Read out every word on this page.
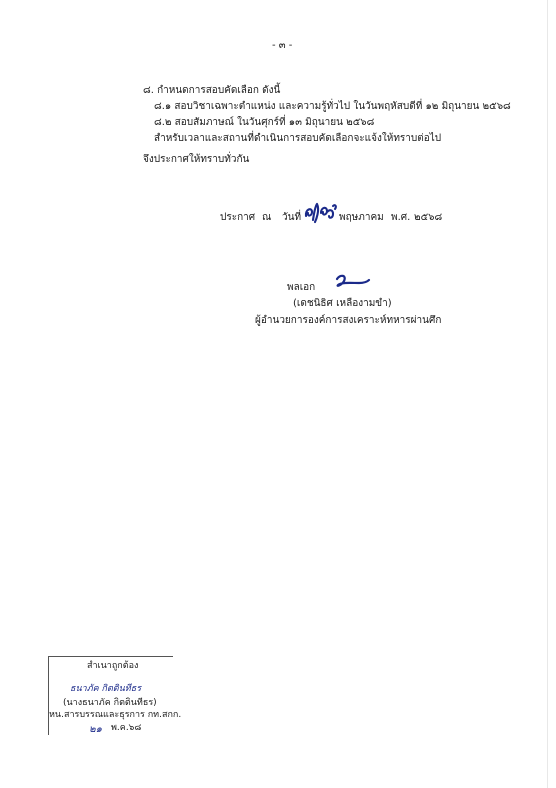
- ๓ -
๘. กำหนดการสอบคัดเลือก ดังนี้
๘.๑ สอบวิชาเฉพาะตำแหน่ง และความรู้ทั่วไป ในวันพฤหัสบดีที่ ๑๒ มิถุนายน ๒๕๖๘
๘.๒ สอบสัมภาษณ์ ในวันศุกร์ที่ ๑๓ มิถุนายน ๒๕๖๘
สำหรับเวลาและสถานที่ดำเนินการสอบคัดเลือกจะแจ้งให้ทราบต่อไป
จึงประกาศให้ทราบทั่วกัน
ประกาศ ณ วันที่	พฤษภาคม พ.ศ. ๒๕๖๘
พลเอก
(เดชนิธิศ เหลืองามขำ)
ผู้อำนวยการองค์การสงเคราะห์ทหารผ่านศึก
สำเนาถูกต้อง
ธนาภัค กิตตินทีธร
(นางธนาภัค กิตตินทีธร)
หน.สารบรรณและธุรการ กท.สกก.
๒๑ พ.ค.๖๘
